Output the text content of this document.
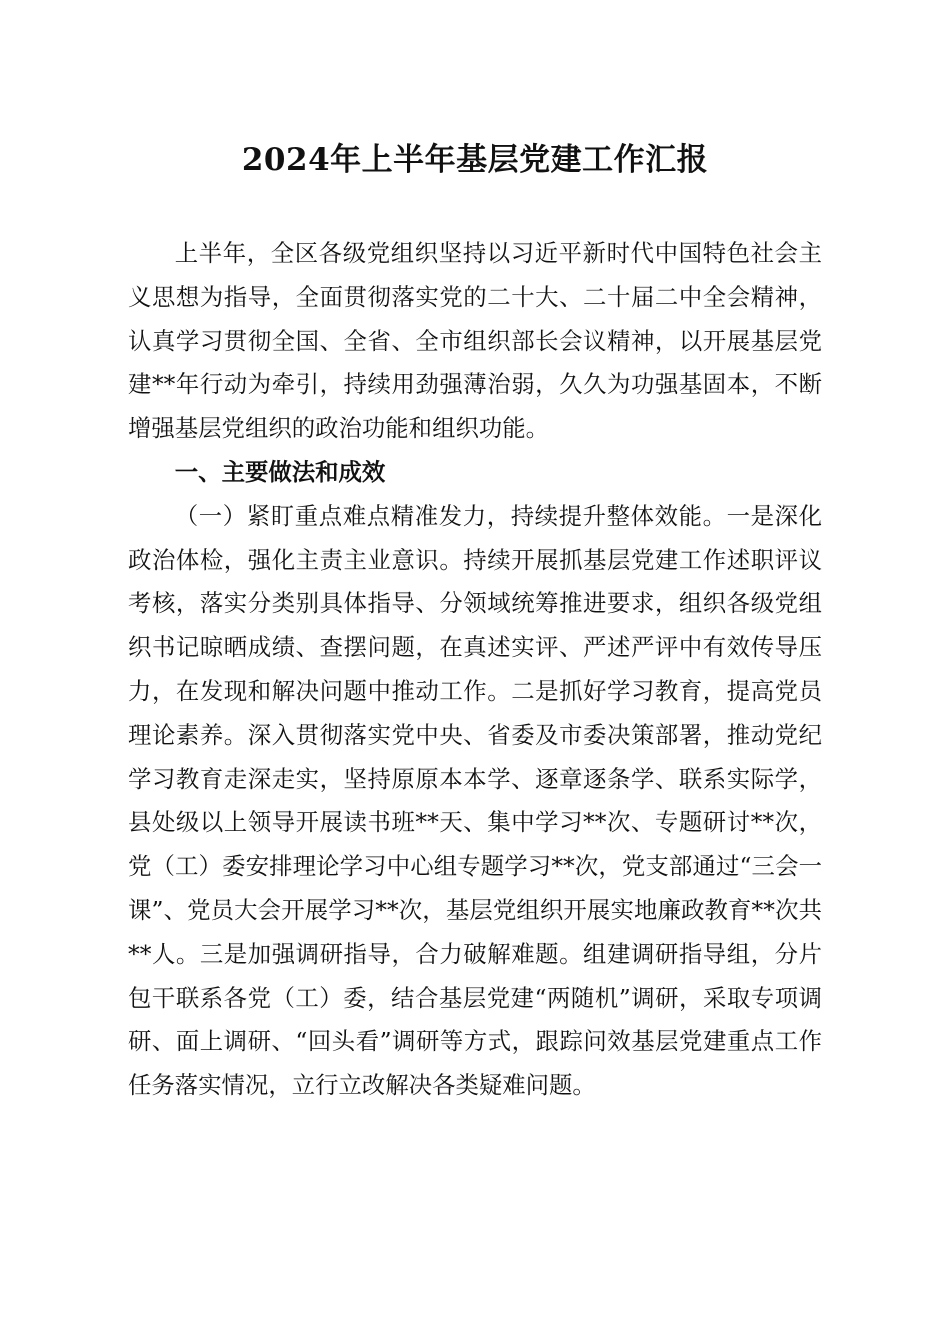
2024年上半年基层党建工作汇报

上半年，全区各级党组织坚持以习近平新时代中国特色社会主义思想为指导，全面贯彻落实党的二十大、二十届二中全会精神，认真学习贯彻全国、全省、全市组织部长会议精神，以开展基层党建**年行动为牵引，持续用劲强薄治弱，久久为功强基固本，不断增强基层党组织的政治功能和组织功能。

一、主要做法和成效

（一）紧盯重点难点精准发力，持续提升整体效能。一是深化政治体检，强化主责主业意识。持续开展抓基层党建工作述职评议考核，落实分类别具体指导、分领域统筹推进要求，组织各级党组织书记晾晒成绩、查摆问题，在真述实评、严述严评中有效传导压力，在发现和解决问题中推动工作。二是抓好学习教育，提高党员理论素养。深入贯彻落实党中央、省委及市委决策部署，推动党纪学习教育走深走实，坚持原原本本学、逐章逐条学、联系实际学，县处级以上领导开展读书班**天、集中学习**次、专题研讨**次，党（工）委安排理论学习中心组专题学习**次，党支部通过“三会一课”、党员大会开展学习**次，基层党组织开展实地廉政教育**次共**人。三是加强调研指导，合力破解难题。组建调研指导组，分片包干联系各党（工）委，结合基层党建“两随机”调研，采取专项调研、面上调研、“回头看”调研等方式，跟踪问效基层党建重点工作任务落实情况，立行立改解决各类疑难问题。
